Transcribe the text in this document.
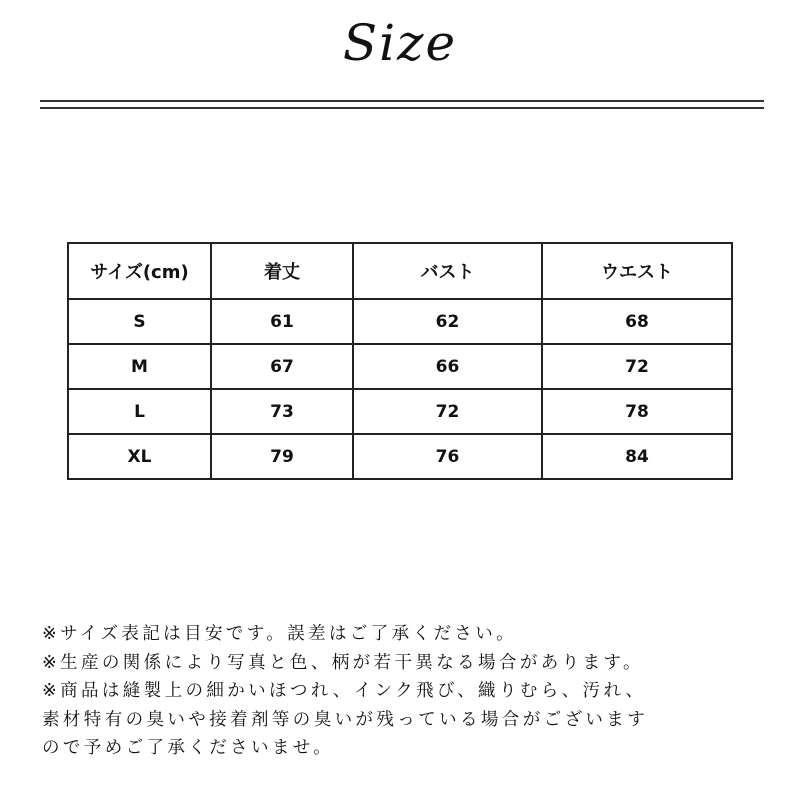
Size
サイズ(cm)	着丈	バスト	ウエスト
S	61	62	68
M	67	66	72
L	73	72	78
XL	79	76	84
※サイズ表記は目安です。誤差はご了承ください。
※生産の関係により写真と色、柄が若干異なる場合があります。
※商品は縫製上の細かいほつれ、インク飛び、織りむら、汚れ、
素材特有の臭いや接着剤等の臭いが残っている場合がございます
ので予めご了承くださいませ。
